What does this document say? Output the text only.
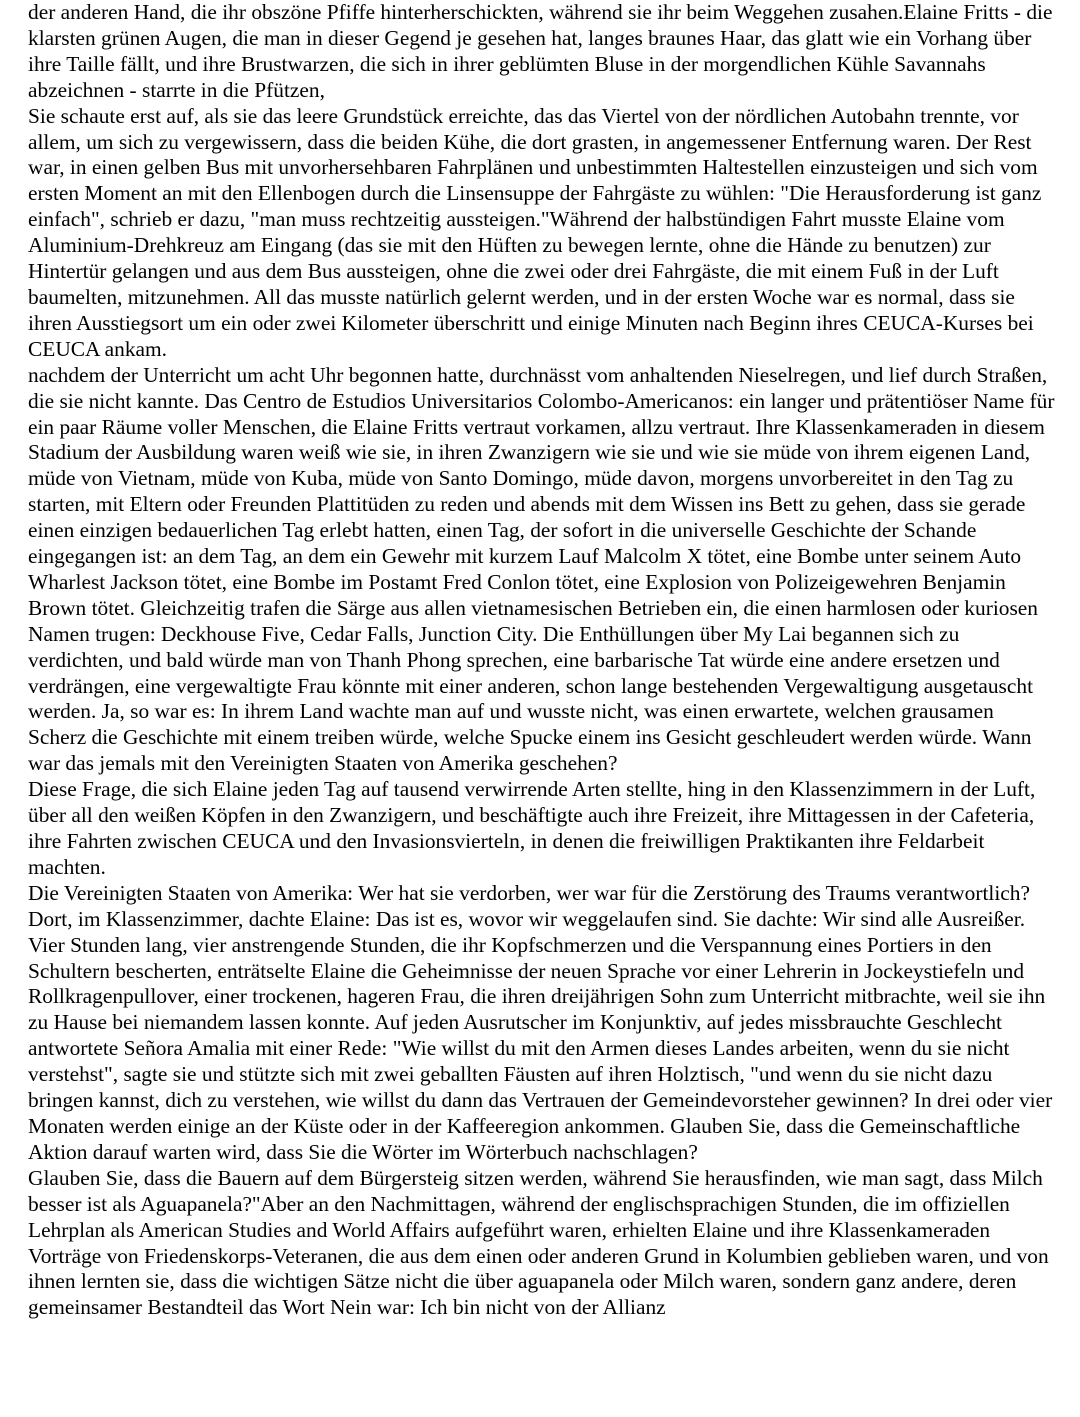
der anderen Hand, die ihr obszöne Pfiffe hinterherschickten, während sie ihr beim Weggehen zusahen.Elaine Fritts - die klarsten grünen Augen, die man in dieser Gegend je gesehen hat, langes braunes Haar, das glatt wie ein Vorhang über ihre Taille fällt, und ihre Brustwarzen, die sich in ihrer geblümten Bluse in der morgendlichen Kühle Savannahs abzeichnen - starrte in die Pfützen,

Sie schaute erst auf, als sie das leere Grundstück erreichte, das das Viertel von der nördlichen Autobahn trennte, vor allem, um sich zu vergewissern, dass die beiden Kühe, die dort grasten, in angemessener Entfernung waren. Der Rest war, in einen gelben Bus mit unvorhersehbaren Fahrplänen und unbestimmten Haltestellen einzusteigen und sich vom ersten Moment an mit den Ellenbogen durch die Linsensuppe der Fahrgäste zu wühlen: "Die Herausforderung ist ganz einfach", schrieb er dazu, "man muss rechtzeitig aussteigen."Während der halbstündigen Fahrt musste Elaine vom Aluminium-Drehkreuz am Eingang (das sie mit den Hüften zu bewegen lernte, ohne die Hände zu benutzen) zur Hintertür gelangen und aus dem Bus aussteigen, ohne die zwei oder drei Fahrgäste, die mit einem Fuß in der Luft baumelten, mitzunehmen. All das musste natürlich gelernt werden, und in der ersten Woche war es normal, dass sie ihren Ausstiegsort um ein oder zwei Kilometer überschritt und einige Minuten nach Beginn ihres CEUCA-Kurses bei CEUCA ankam.

nachdem der Unterricht um acht Uhr begonnen hatte, durchnässt vom anhaltenden Nieselregen, und lief durch Straßen, die sie nicht kannte. Das Centro de Estudios Universitarios Colombo-Americanos: ein langer und prätentiöser Name für ein paar Räume voller Menschen, die Elaine Fritts vertraut vorkamen, allzu vertraut. Ihre Klassenkameraden in diesem Stadium der Ausbildung waren weiß wie sie, in ihren Zwanzigern wie sie und wie sie müde von ihrem eigenen Land, müde von Vietnam, müde von Kuba, müde von Santo Domingo, müde davon, morgens unvorbereitet in den Tag zu starten, mit Eltern oder Freunden Plattitüden zu reden und abends mit dem Wissen ins Bett zu gehen, dass sie gerade einen einzigen bedauerlichen Tag erlebt hatten, einen Tag, der sofort in die universelle Geschichte der Schande eingegangen ist: an dem Tag, an dem ein Gewehr mit kurzem Lauf Malcolm X tötet, eine Bombe unter seinem Auto Wharlest Jackson tötet, eine Bombe im Postamt Fred Conlon tötet, eine Explosion von Polizeigewehren Benjamin Brown tötet. Gleichzeitig trafen die Särge aus allen vietnamesischen Betrieben ein, die einen harmlosen oder kuriosen Namen trugen: Deckhouse Five, Cedar Falls, Junction City. Die Enthüllungen über My Lai begannen sich zu verdichten, und bald würde man von Thanh Phong sprechen, eine barbarische Tat würde eine andere ersetzen und verdrängen, eine vergewaltigte Frau könnte mit einer anderen, schon lange bestehenden Vergewaltigung ausgetauscht werden. Ja, so war es: In ihrem Land wachte man auf und wusste nicht, was einen erwartete, welchen grausamen Scherz die Geschichte mit einem treiben würde, welche Spucke einem ins Gesicht geschleudert werden würde. Wann war das jemals mit den Vereinigten Staaten von Amerika geschehen?

Diese Frage, die sich Elaine jeden Tag auf tausend verwirrende Arten stellte, hing in den Klassenzimmern in der Luft, über all den weißen Köpfen in den Zwanzigern, und beschäftigte auch ihre Freizeit, ihre Mittagessen in der Cafeteria, ihre Fahrten zwischen CEUCA und den Invasionsvierteln, in denen die freiwilligen Praktikanten ihre Feldarbeit machten.

Die Vereinigten Staaten von Amerika: Wer hat sie verdorben, wer war für die Zerstörung des Traums verantwortlich? Dort, im Klassenzimmer, dachte Elaine: Das ist es, wovor wir weggelaufen sind. Sie dachte: Wir sind alle Ausreißer.

Vier Stunden lang, vier anstrengende Stunden, die ihr Kopfschmerzen und die Verspannung eines Portiers in den Schultern bescherten, enträtselte Elaine die Geheimnisse der neuen Sprache vor einer Lehrerin in Jockeystiefeln und Rollkragenpullover, einer trockenen, hageren Frau, die ihren dreijährigen Sohn zum Unterricht mitbrachte, weil sie ihn zu Hause bei niemandem lassen konnte. Auf jeden Ausrutscher im Konjunktiv, auf jedes missbrauchte Geschlecht antwortete Señora Amalia mit einer Rede: "Wie willst du mit den Armen dieses Landes arbeiten, wenn du sie nicht verstehst", sagte sie und stützte sich mit zwei geballten Fäusten auf ihren Holztisch, "und wenn du sie nicht dazu bringen kannst, dich zu verstehen, wie willst du dann das Vertrauen der Gemeindevorsteher gewinnen? In drei oder vier Monaten werden einige an der Küste oder in der Kaffeeregion ankommen. Glauben Sie, dass die Gemeinschaftliche Aktion darauf warten wird, dass Sie die Wörter im Wörterbuch nachschlagen?

Glauben Sie, dass die Bauern auf dem Bürgersteig sitzen werden, während Sie herausfinden, wie man sagt, dass Milch besser ist als Aguapanela?"Aber an den Nachmittagen, während der englischsprachigen Stunden, die im offiziellen Lehrplan als American Studies and World Affairs aufgeführt waren, erhielten Elaine und ihre Klassenkameraden Vorträge von Friedenskorps-Veteranen, die aus dem einen oder anderen Grund in Kolumbien geblieben waren, und von ihnen lernten sie, dass die wichtigen Sätze nicht die über aguapanela oder Milch waren, sondern ganz andere, deren gemeinsamer Bestandteil das Wort Nein war: Ich bin nicht von der Allianz
